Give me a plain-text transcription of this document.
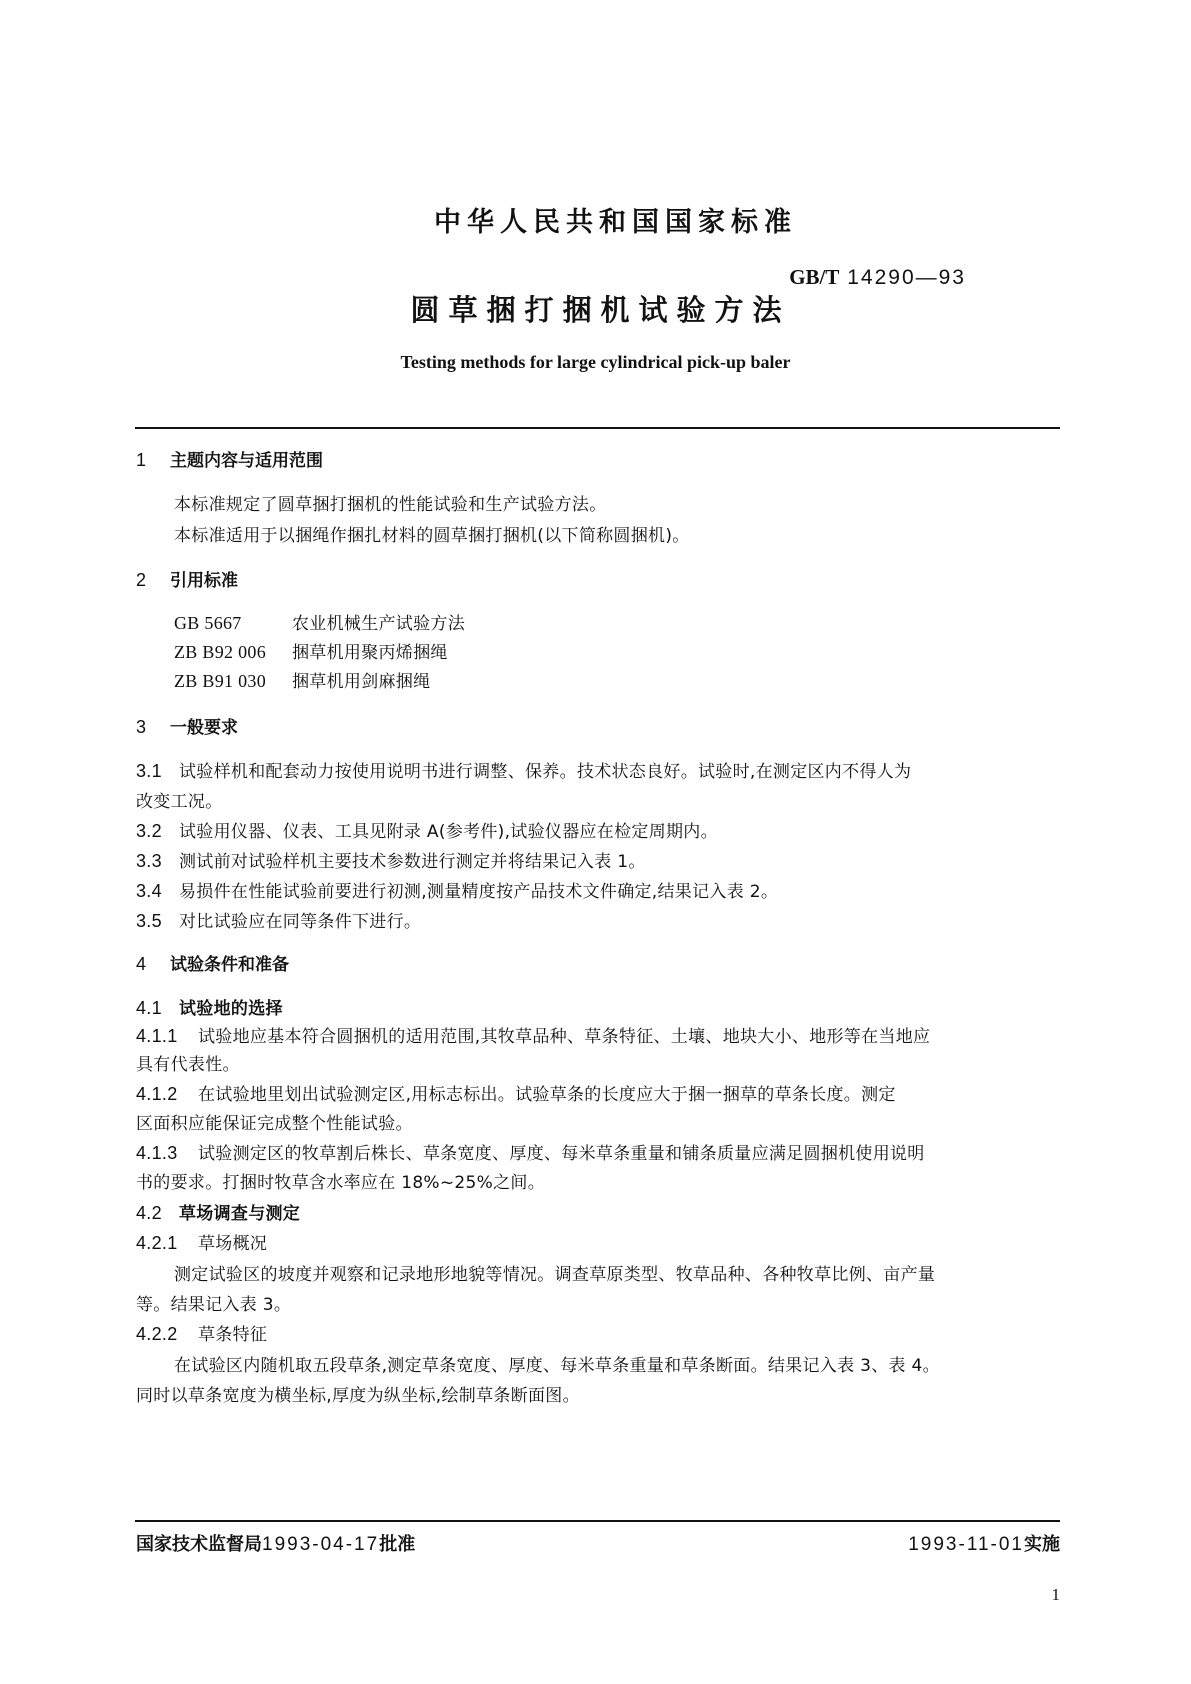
中华人民共和国国家标准
GB/T 14290—93
圆草捆打捆机试验方法
Testing methods for large cylindrical pick-up baler
1 主题内容与适用范围
本标准规定了圆草捆打捆机的性能试验和生产试验方法。
本标准适用于以捆绳作捆扎材料的圆草捆打捆机(以下简称圆捆机)。
2 引用标准
GB 5667	农业机械生产试验方法
ZB B92 006 捆草机用聚丙烯捆绳
ZB B91 030 捆草机用剑麻捆绳
3 一般要求
3.1 试验样机和配套动力按使用说明书进行调整、保养。技术状态良好。试验时,在测定区内不得人为
改变工况。
3.2 试验用仪器、仪表、工具见附录 A(参考件),试验仪器应在检定周期内。
3.3 测试前对试验样机主要技术参数进行测定并将结果记入表 1。
3.4 易损件在性能试验前要进行初测,测量精度按产品技术文件确定,结果记入表 2。
3.5 对比试验应在同等条件下进行。
4 试验条件和准备
4.1 试验地的选择
4.1.1 试验地应基本符合圆捆机的适用范围,其牧草品种、草条特征、土壤、地块大小、地形等在当地应
具有代表性。
4.1.2 在试验地里划出试验测定区,用标志标出。试验草条的长度应大于捆一捆草的草条长度。测定
区面积应能保证完成整个性能试验。
4.1.3 试验测定区的牧草割后株长、草条宽度、厚度、每米草条重量和铺条质量应满足圆捆机使用说明
书的要求。打捆时牧草含水率应在 18%~25%之间。
4.2 草场调查与测定
4.2.1 草场概况
测定试验区的坡度并观察和记录地形地貌等情况。调查草原类型、牧草品种、各种牧草比例、亩产量
等。结果记入表 3。
4.2.2 草条特征
在试验区内随机取五段草条,测定草条宽度、厚度、每米草条重量和草条断面。结果记入表 3、表 4。
同时以草条宽度为横坐标,厚度为纵坐标,绘制草条断面图。
国家技术监督局1993-04-17批准	1993-11-01实施
1
